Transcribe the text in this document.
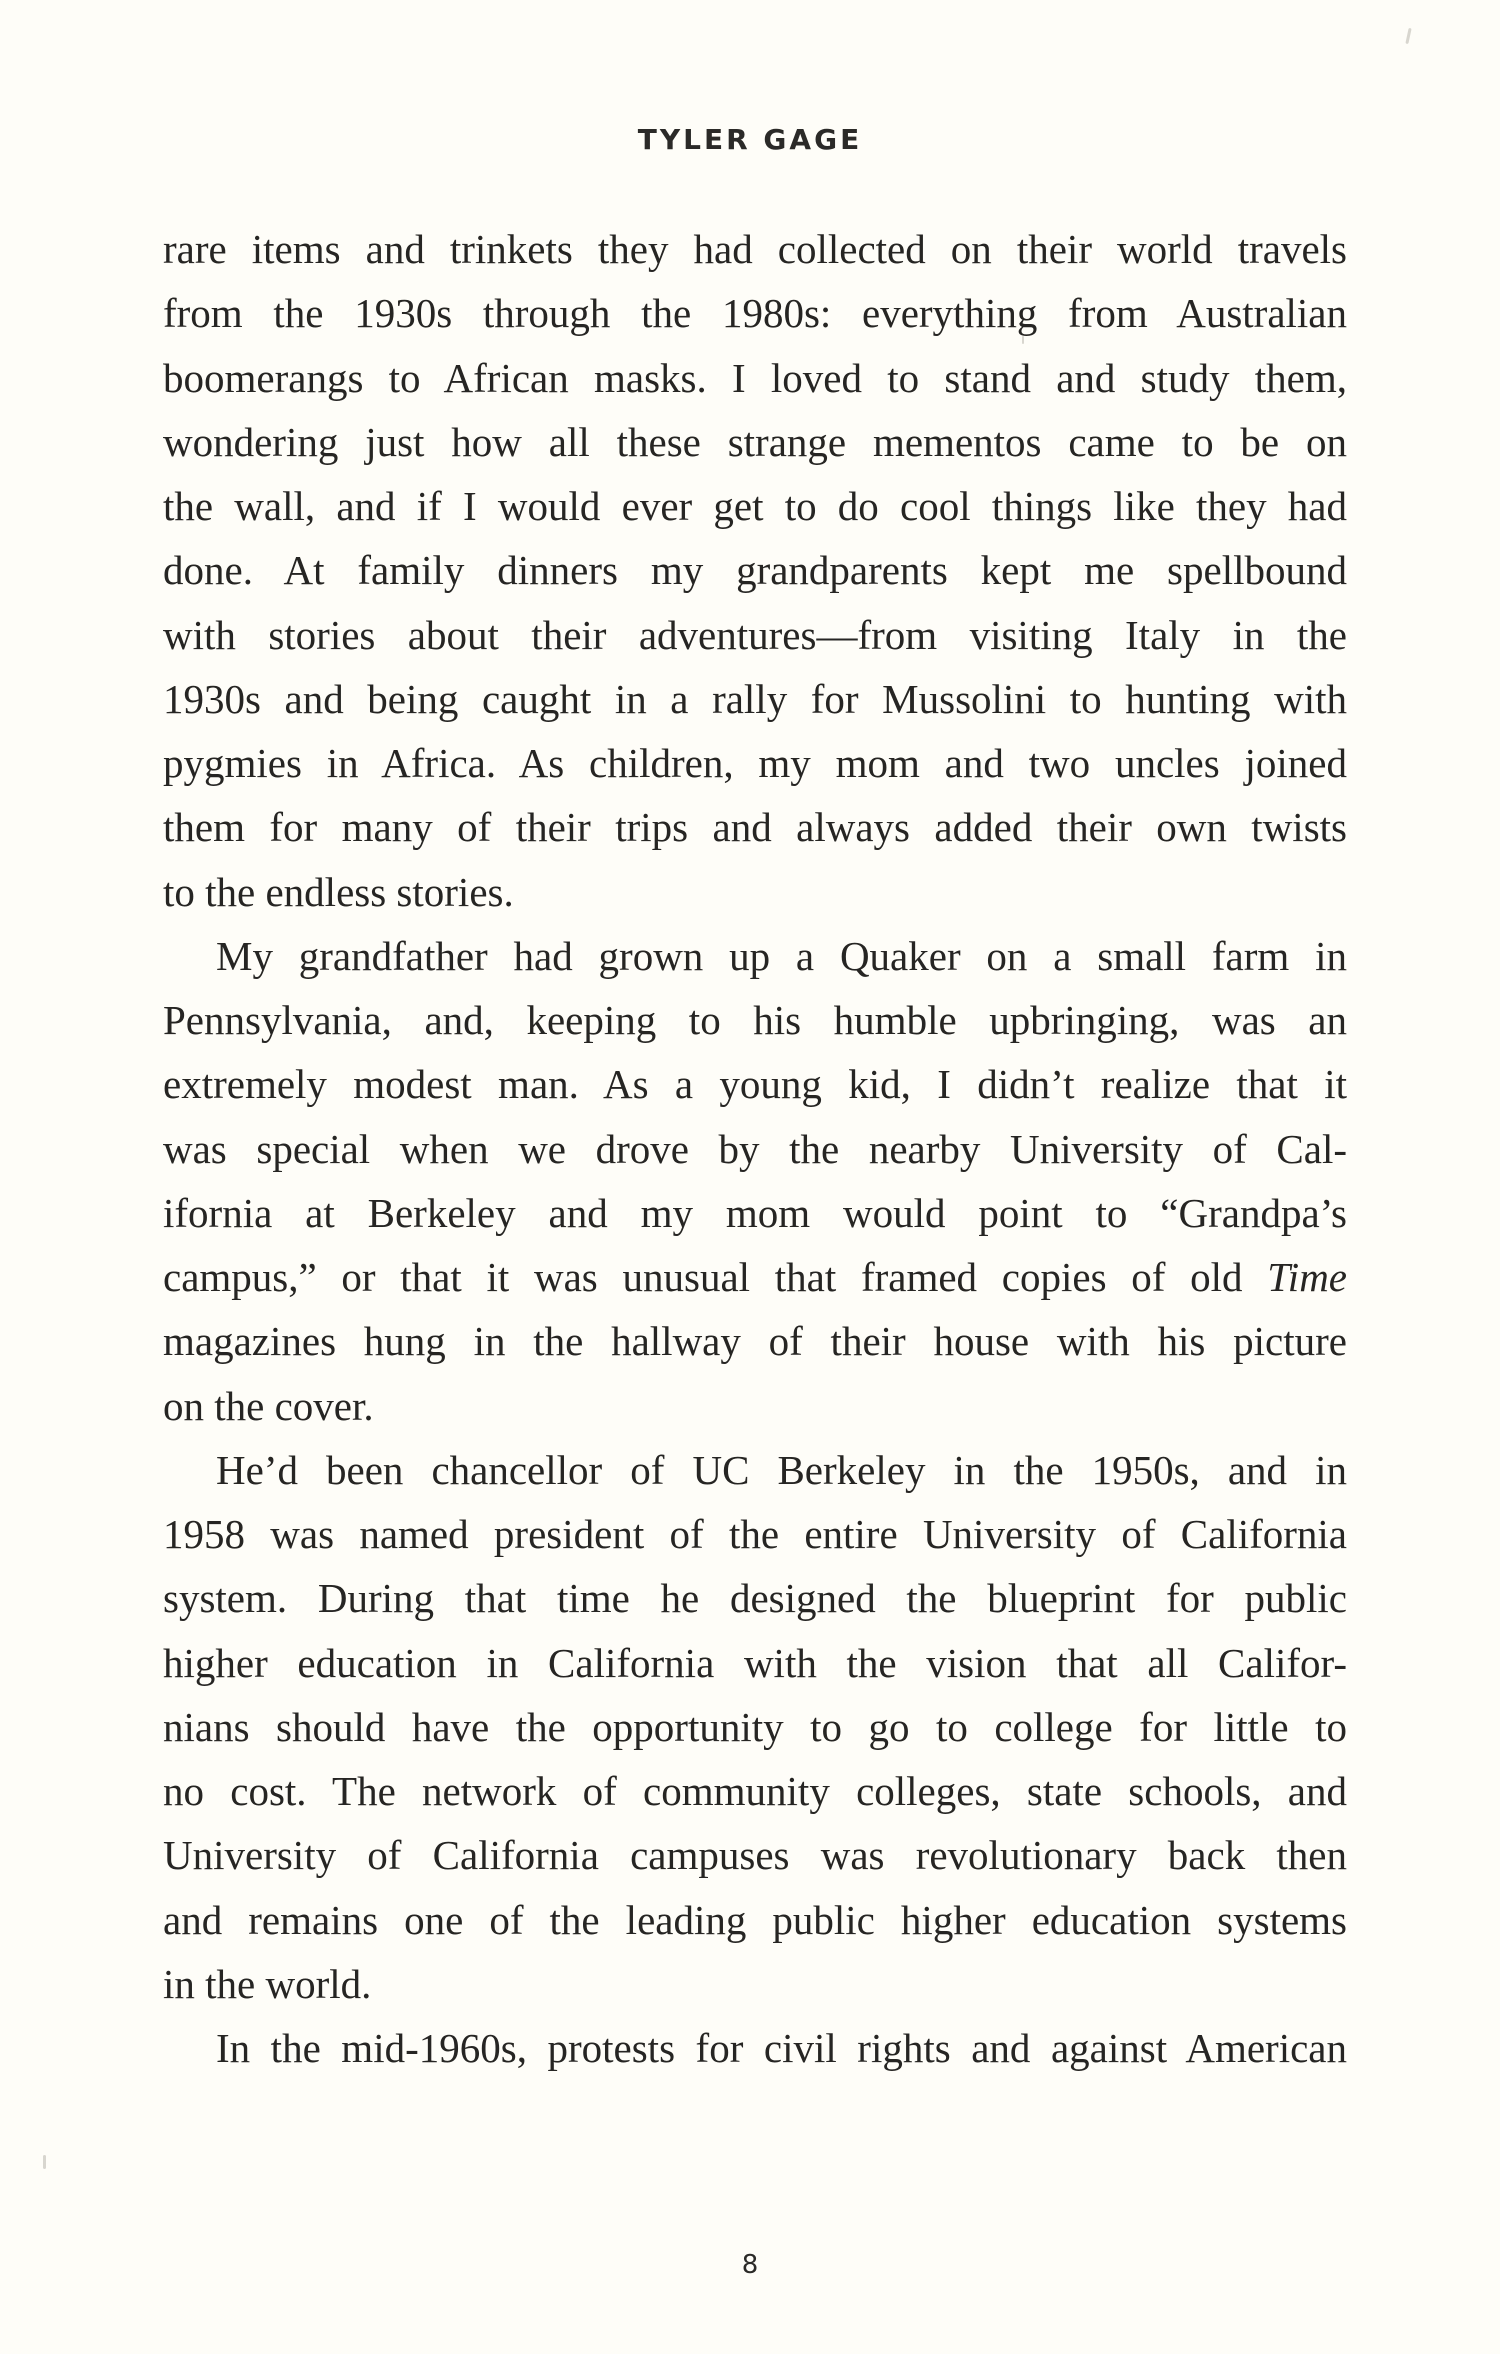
TYLER GAGE
rare items and trinkets they had collected on their world travels
from the 1930s through the 1980s: everything from Australian
boomerangs to African masks. I loved to stand and study them,
wondering just how all these strange mementos came to be on
the wall, and if I would ever get to do cool things like they had
done. At family dinners my grandparents kept me spellbound
with stories about their adventures—from visiting Italy in the
1930s and being caught in a rally for Mussolini to hunting with
pygmies in Africa. As children, my mom and two uncles joined
them for many of their trips and always added their own twists
to the endless stories.
My grandfather had grown up a Quaker on a small farm in
Pennsylvania, and, keeping to his humble upbringing, was an
extremely modest man. As a young kid, I didn’t realize that it
was special when we drove by the nearby University of Cal-
ifornia at Berkeley and my mom would point to “Grandpa’s
campus,” or that it was unusual that framed copies of old Time
magazines hung in the hallway of their house with his picture
on the cover.
He’d been chancellor of UC Berkeley in the 1950s, and in
1958 was named president of the entire University of California
system. During that time he designed the blueprint for public
higher education in California with the vision that all Califor-
nians should have the opportunity to go to college for little to
no cost. The network of community colleges, state schools, and
University of California campuses was revolutionary back then
and remains one of the leading public higher education systems
in the world.
In the mid-1960s, protests for civil rights and against American
8
